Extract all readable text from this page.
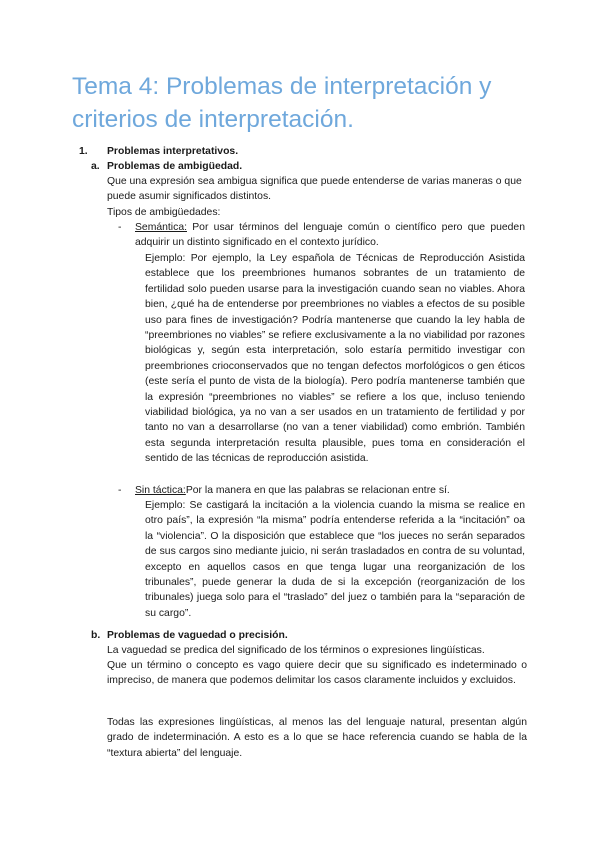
Tema 4: Problemas de interpretación y criterios de interpretación.
1. Problemas interpretativos.
a. Problemas de ambigüedad.
Que una expresión sea ambigua significa que puede entenderse de varias maneras o que puede asumir significados distintos.
Tipos de ambigüedades:
- Semántica: Por usar términos del lenguaje común o científico pero que pueden adquirir un distinto significado en el contexto jurídico.
Ejemplo: Por ejemplo, la Ley española de Técnicas de Reproducción Asistida establece que los preembriones humanos sobrantes de un tratamiento de fertilidad solo pueden usarse para la investigación cuando sean no viables. Ahora bien, ¿qué ha de entenderse por preembriones no viables a efectos de su posible uso para fines de investigación? Podría mantenerse que cuando la ley habla de “preembriones no viables” se refiere exclusivamente a la no viabilidad por razones biológicas y, según esta interpretación, solo estaría permitido investigar con preembriones crioconservados que no tengan defectos morfológicos o gen éticos (este sería el punto de vista de la biología). Pero podría mantenerse también que la expresión “preembriones no viables” se refiere a los que, incluso teniendo viabilidad biológica, ya no van a ser usados en un tratamiento de fertilidad y por tanto no van a desarrollarse (no van a tener viabilidad) como embrión. También esta segunda interpretación resulta plausible, pues toma en consideración el sentido de las técnicas de reproducción asistida.
- Sin táctica:Por la manera en que las palabras se relacionan entre sí.
Ejemplo: Se castigará la incitación a la violencia cuando la misma se realice en otro país”, la expresión “la misma” podría entenderse referida a la “incitación” oa la “violencia”. O la disposición que establece que “los jueces no serán separados de sus cargos sino mediante juicio, ni serán trasladados en contra de su voluntad, excepto en aquellos casos en que tenga lugar una reorganización de los tribunales”, puede generar la duda de si la excepción (reorganización de los tribunales) juega solo para el “traslado” del juez o también para la “separación de su cargo”.
b. Problemas de vaguedad o precisión.
La vaguedad se predica del significado de los términos o expresiones lingüísticas.
Que un término o concepto es vago quiere decir que su significado es indeterminado o impreciso, de manera que podemos delimitar los casos claramente incluidos y excluidos.
Todas las expresiones lingüísticas, al menos las del lenguaje natural, presentan algún grado de indeterminación. A esto es a lo que se hace referencia cuando se habla de la “textura abierta” del lenguaje.
